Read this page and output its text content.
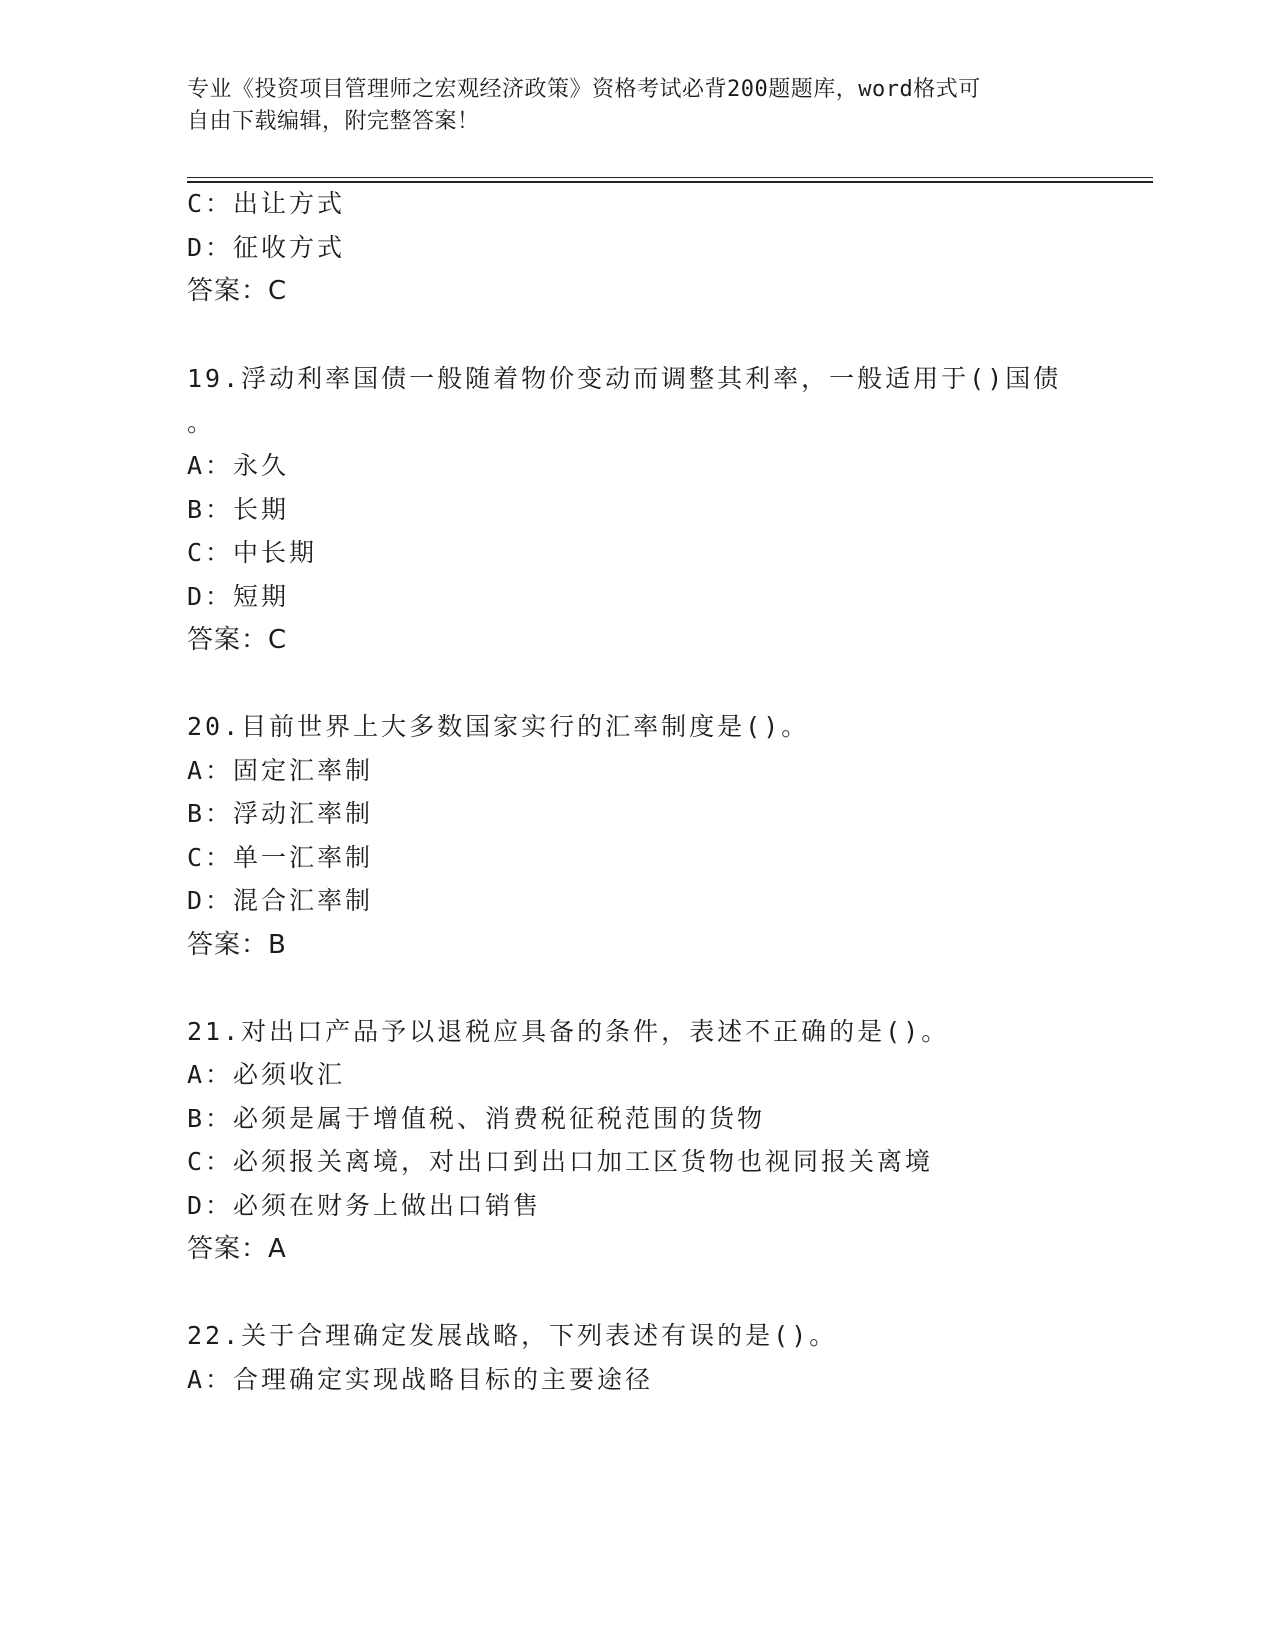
专业《投资项目管理师之宏观经济政策》资格考试必背200题题库，word格式可
自由下载编辑，附完整答案！
C：出让方式
D：征收方式
答案：C
19.浮动利率国债一般随着物价变动而调整其利率，一般适用于()国债
。
A：永久
B：长期
C：中长期
D：短期
答案：C
20.目前世界上大多数国家实行的汇率制度是()。
A：固定汇率制
B：浮动汇率制
C：单一汇率制
D：混合汇率制
答案：B
21.对出口产品予以退税应具备的条件，表述不正确的是()。
A：必须收汇
B：必须是属于增值税、消费税征税范围的货物
C：必须报关离境，对出口到出口加工区货物也视同报关离境
D：必须在财务上做出口销售
答案：A
22.关于合理确定发展战略，下列表述有误的是()。
A：合理确定实现战略目标的主要途径
